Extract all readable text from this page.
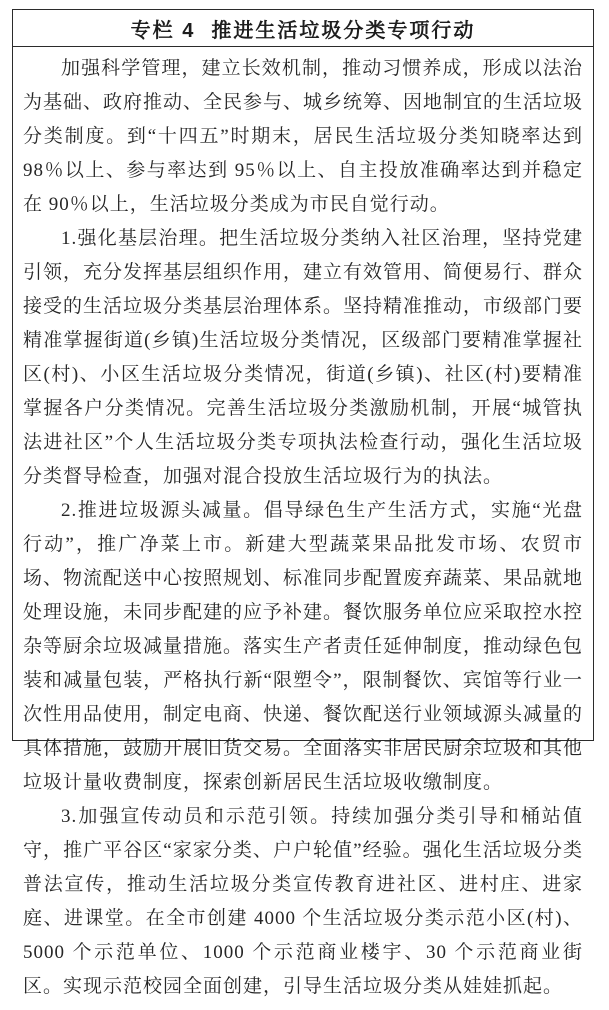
专栏 4 推进生活垃圾分类专项行动

加强科学管理，建立长效机制，推动习惯养成，形成以法治为基础、政府推动、全民参与、城乡统筹、因地制宜的生活垃圾分类制度。到“十四五”时期末，居民生活垃圾分类知晓率达到 98％以上、参与率达到 95％以上、自主投放准确率达到并稳定在 90％以上，生活垃圾分类成为市民自觉行动。

1.强化基层治理。把生活垃圾分类纳入社区治理，坚持党建引领，充分发挥基层组织作用，建立有效管用、简便易行、群众接受的生活垃圾分类基层治理体系。坚持精准推动，市级部门要精准掌握街道(乡镇)生活垃圾分类情况，区级部门要精准掌握社区(村)、小区生活垃圾分类情况，街道(乡镇)、社区(村)要精准掌握各户分类情况。完善生活垃圾分类激励机制，开展“城管执法进社区”个人生活垃圾分类专项执法检查行动，强化生活垃圾分类督导检查，加强对混合投放生活垃圾行为的执法。

2.推进垃圾源头减量。倡导绿色生产生活方式，实施“光盘行动”，推广净菜上市。新建大型蔬菜果品批发市场、农贸市场、物流配送中心按照规划、标准同步配置废弃蔬菜、果品就地处理设施，未同步配建的应予补建。餐饮服务单位应采取控水控杂等厨余垃圾减量措施。落实生产者责任延伸制度，推动绿色包装和减量包装，严格执行新“限塑令”，限制餐饮、宾馆等行业一次性用品使用，制定电商、快递、餐饮配送行业领域源头减量的具体措施，鼓励开展旧货交易。全面落实非居民厨余垃圾和其他垃圾计量收费制度，探索创新居民生活垃圾收缴制度。

3.加强宣传动员和示范引领。持续加强分类引导和桶站值守，推广平谷区“家家分类、户户轮值”经验。强化生活垃圾分类普法宣传，推动生活垃圾分类宣传教育进社区、进村庄、进家庭、进课堂。在全市创建 4000 个生活垃圾分类示范小区(村)、5000 个示范单位、1000 个示范商业楼宇、30 个示范商业街区。实现示范校园全面创建，引导生活垃圾分类从娃娃抓起。
